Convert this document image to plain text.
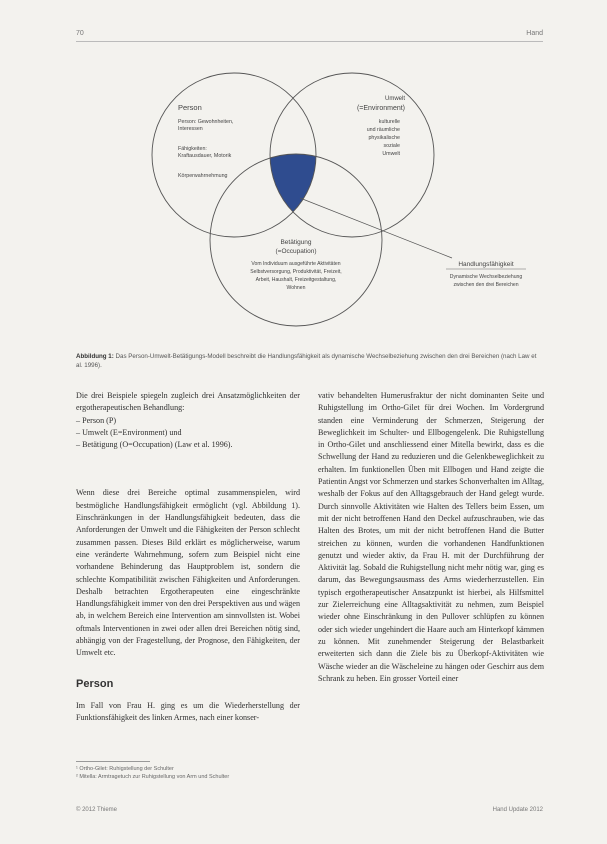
70	Hand
Person
Person: Gewohnheiten,
Interessen
Fähigkeiten:
Kraftausdauer, Motorik
Körperwahrnehmung
Umwelt
(=Environment)
kulturelle
und räumliche
physikalische
soziale
Umwelt
Betätigung
(=Occupation)
Vom Individuum ausgeführte Aktivitäten
Selbstversorgung, Produktivität, Freizeit,
Arbeit, Haushalt, Freizeitgestaltung,
Wohnen
Handlungsfähigkeit
Dynamische Wechselbeziehung
zwischen den drei Bereichen
Abbildung 1: Das Person-Umwelt-Betätigungs-Modell beschreibt die Handlungsfähigkeit als dynamische Wechselbeziehung zwischen den drei Bereichen (nach Law et al. 1996).

Die drei Beispiele spiegeln zugleich drei Ansatzmöglichkeiten der ergotherapeutischen Behandlung:

– Person (P)
– Umwelt (E=Environment) und
– Betätigung (O=Occupation) (Law et al. 1996).

Wenn diese drei Bereiche optimal zusammenspielen, wird bestmögliche Handlungsfähigkeit ermöglicht (vgl. Abbildung 1). Einschränkungen in der Handlungsfähigkeit bedeuten, dass die Anforderungen der Umwelt und die Fähigkeiten der Person schlecht zusammen passen. Dieses Bild erklärt es möglicherweise, warum eine veränderte Wahrnehmung, sofern zum Beispiel nicht eine vorhandene Behinderung das Hauptproblem ist, sondern die schlechte Kompatibilität zwischen Fähigkeiten und Anforderungen. Deshalb betrachten Ergotherapeuten eine eingeschränkte Handlungsfähigkeit immer von den drei Perspektiven aus und wägen ab, in welchem Bereich eine Intervention am sinnvollsten ist. Wobei oftmals Interventionen in zwei oder allen drei Bereichen nötig sind, abhängig von der Fragestellung, der Prognose, den Fähigkeiten, der Umwelt etc.

Person

Im Fall von Frau H. ging es um die Wiederherstellung der Funktionsfähigkeit des linken Armes, nach einer konser-

vativ behandelten Humerusfraktur der nicht dominanten Seite und Ruhigstellung im Ortho-Gilet für drei Wochen. Im Vordergrund standen eine Verminderung der Schmerzen, Steigerung der Beweglichkeit im Schulter- und Ellbogengelenk. Die Ruhigstellung in Ortho-Gilet und anschliessend einer Mitella bewirkt, dass es die Schwellung der Hand zu reduzieren und die Gelenkbeweglichkeit zu erhalten. Im funktionellen Üben mit Ellbogen und Hand zeigte die Patientin Angst vor Schmerzen und starkes Schonverhalten im Alltag, weshalb der Fokus auf den Alltagsgebrauch der Hand gelegt wurde. Durch sinnvolle Aktivitäten wie Halten des Tellers beim Essen, um mit der nicht betroffenen Hand den Deckel aufzuschrauben, wie das Halten des Brotes, um mit der nicht betroffenen Hand die Butter streichen zu können, wurden die vorhandenen Handfunktionen genutzt und wieder aktiv, da Frau H. mit der Durchführung der Aktivität lag. Sobald die Ruhigstellung nicht mehr nötig war, ging es darum, das Bewegungsausmass des Arms wiederherzustellen. Ein typisch ergotherapeutischer Ansatzpunkt ist hierbei, als Hilfsmittel zur Zielerreichung eine Alltagsaktivität zu nehmen, zum Beispiel wieder ohne Einschränkung in den Pullover schlüpfen zu können oder sich wieder ungehindert die Haare auch am Hinterkopf kämmen zu können. Mit zunehmender Steigerung der Belastbarkeit erweiterten sich dann die Ziele bis zu Überkopf-Aktivitäten wie Wäsche wieder an die Wäscheleine zu hängen oder Geschirr aus dem Schrank zu heben. Ein grosser Vorteil einer

¹ Ortho-Gilet: Ruhigstellung der Schulter
² Mitella: Armtragetuch zur Ruhigstellung von Arm und Schulter
© 2012 Thieme	Hand Update 2012
